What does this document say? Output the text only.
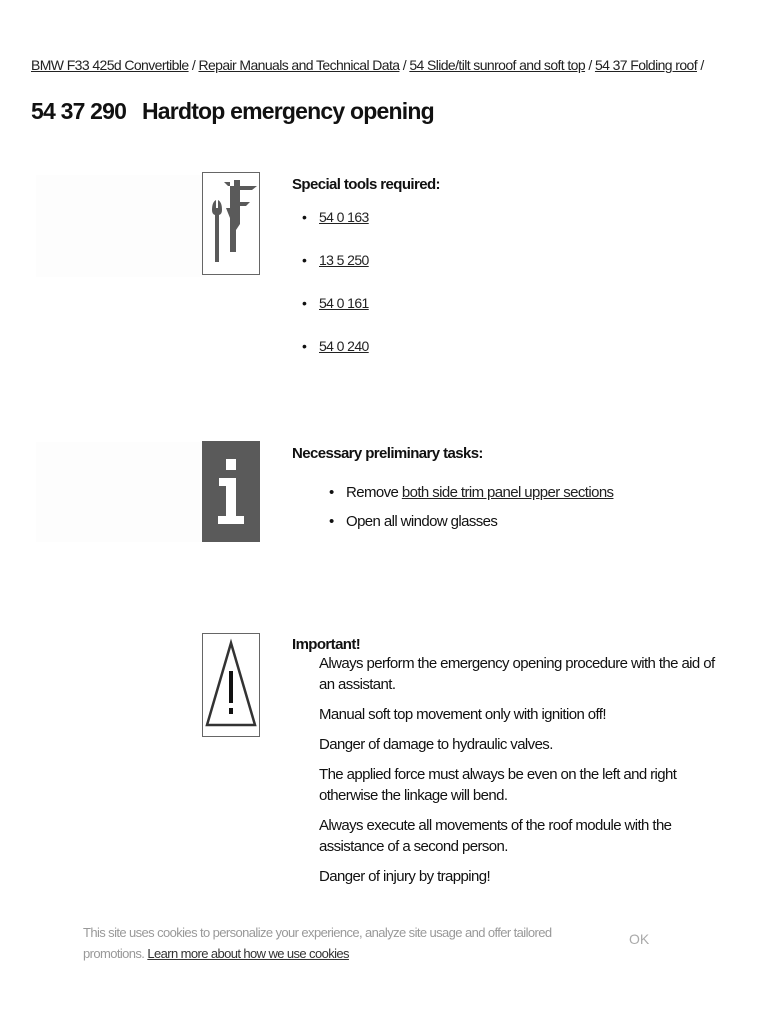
BMW F33 425d Convertible / Repair Manuals and Technical Data / 54 Slide/tilt sunroof and soft top / 54 37 Folding roof /
54 37 290 Hardtop emergency opening
Special tools required:
• 54 0 163
• 13 5 250
• 54 0 161
• 54 0 240
Necessary preliminary tasks:
• Remove both side trim panel upper sections
• Open all window glasses
Important!

Always perform the emergency opening procedure with the aid of an assistant.

Manual soft top movement only with ignition off!

Danger of damage to hydraulic valves.

The applied force must always be even on the left and right otherwise the linkage will bend.

Always execute all movements of the roof module with the assistance of a second person.

Danger of injury by trapping!

This site uses cookies to personalize your experience, analyze site usage and offer tailored promotions. Learn more about how we use cookies
OK
